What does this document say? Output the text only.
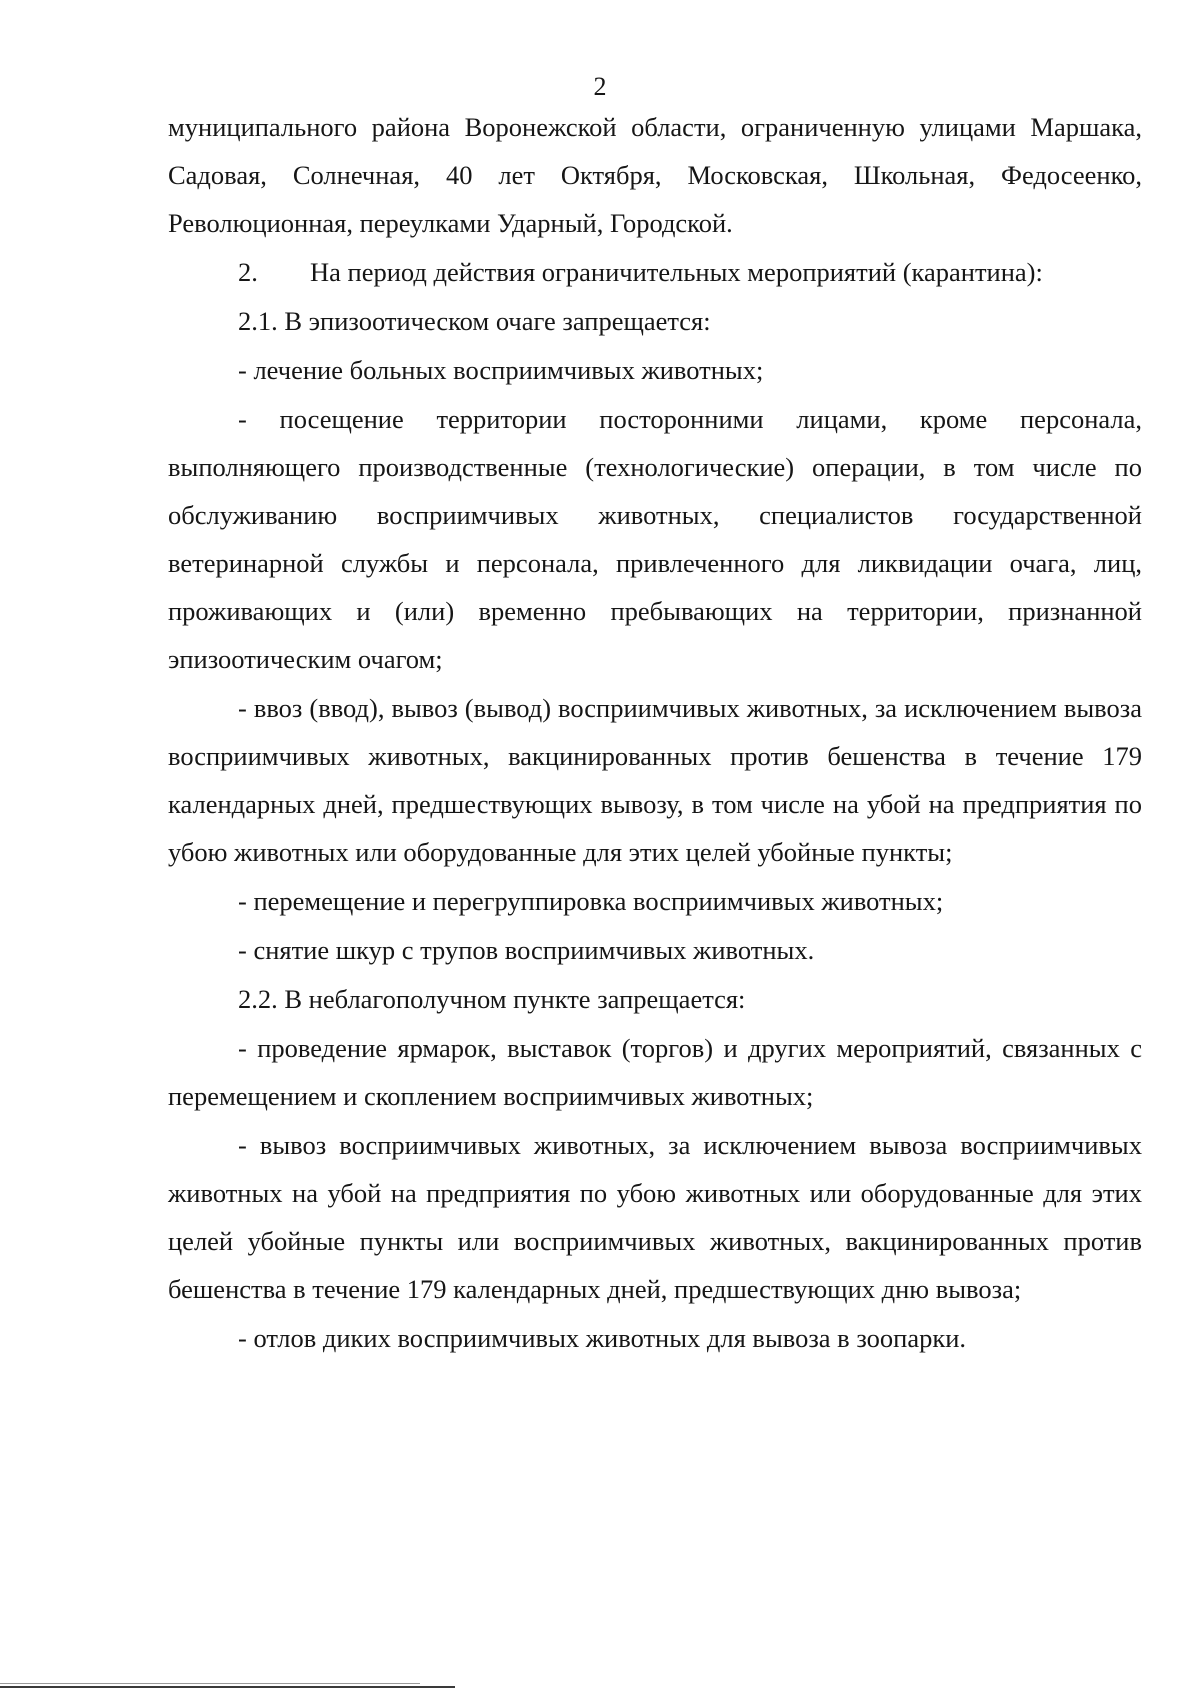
2

муниципального района Воронежской области, ограниченную улицами Маршака, Садовая, Солнечная, 40 лет Октября, Московская, Школьная, Федосеенко, Революционная, переулками Ударный, Городской.

2. На период действия ограничительных мероприятий (карантина):

2.1. В эпизоотическом очаге запрещается:

- лечение больных восприимчивых животных;

- посещение территории посторонними лицами, кроме персонала, выполняющего производственные (технологические) операции, в том числе по обслуживанию восприимчивых животных, специалистов государственной ветеринарной службы и персонала, привлеченного для ликвидации очага, лиц, проживающих и (или) временно пребывающих на территории, признанной эпизоотическим очагом;

- ввоз (ввод), вывоз (вывод) восприимчивых животных, за исключением вывоза восприимчивых животных, вакцинированных против бешенства в течение 179 календарных дней, предшествующих вывозу, в том числе на убой на предприятия по убою животных или оборудованные для этих целей убойные пункты;

- перемещение и перегруппировка восприимчивых животных;

- снятие шкур с трупов восприимчивых животных.

2.2. В неблагополучном пункте запрещается:

- проведение ярмарок, выставок (торгов) и других мероприятий, связанных с перемещением и скоплением восприимчивых животных;

- вывоз восприимчивых животных, за исключением вывоза восприимчивых животных на убой на предприятия по убою животных или оборудованные для этих целей убойные пункты или восприимчивых животных, вакцинированных против бешенства в течение 179 календарных дней, предшествующих дню вывоза;

- отлов диких восприимчивых животных для вывоза в зоопарки.
